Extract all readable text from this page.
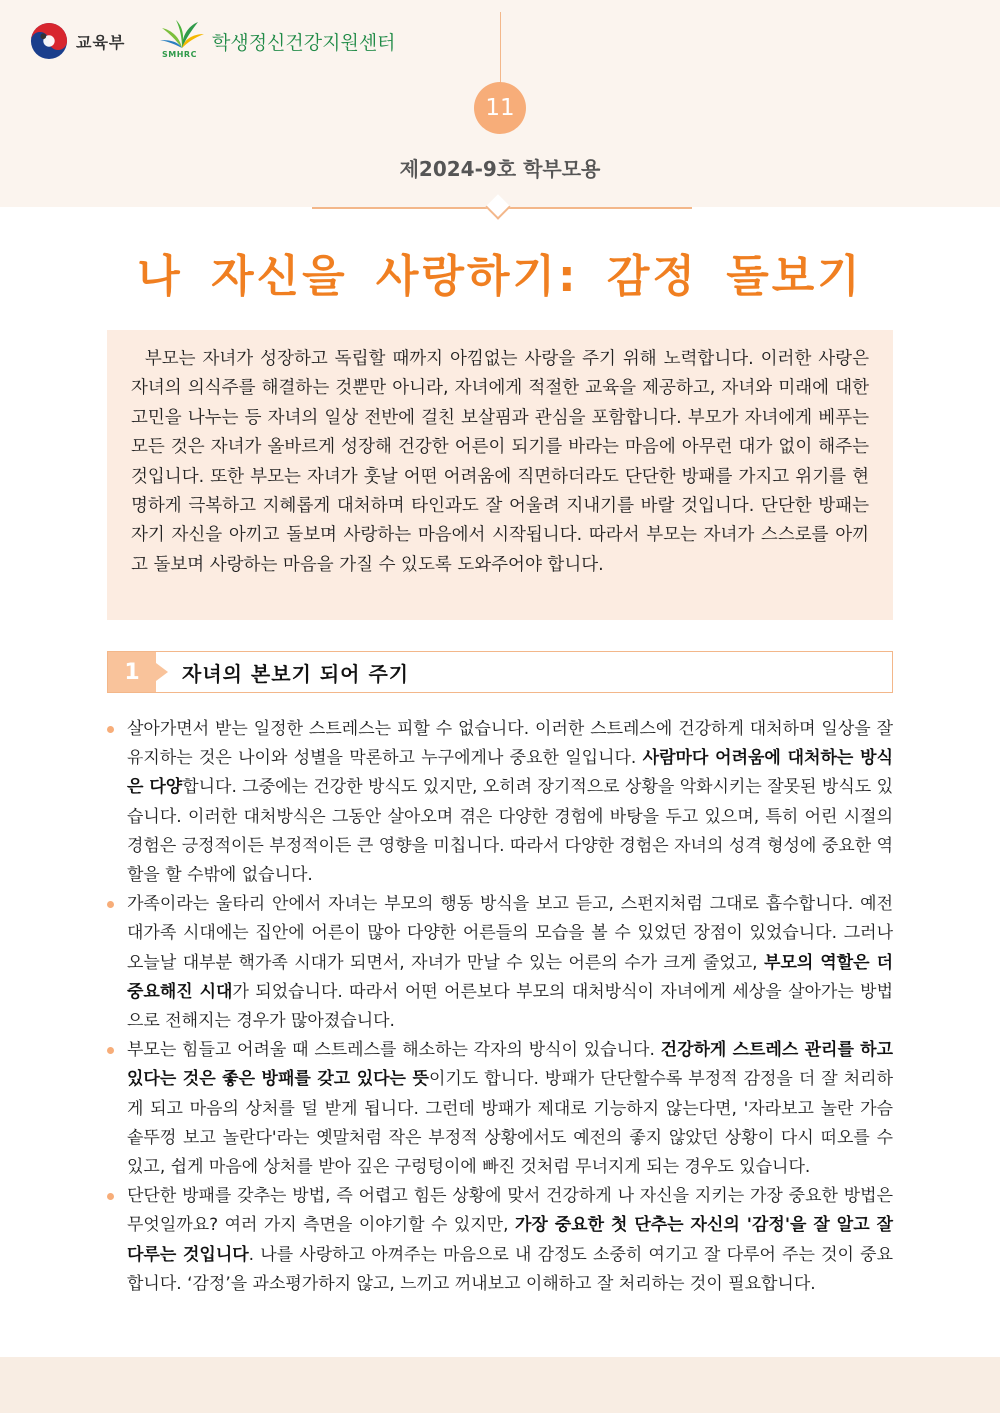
교육부
SMHRC
학생정신건강지원센터
11
제2024-9호 학부모용
나 자신을 사랑하기: 감정 돌보기

부모는 자녀가 성장하고 독립할 때까지 아낌없는 사랑을 주기 위해 노력합니다. 이러한 사랑은 자녀의 의식주를 해결하는 것뿐만 아니라, 자녀에게 적절한 교육을 제공하고, 자녀와 미래에 대한 고민을 나누는 등 자녀의 일상 전반에 걸친 보살핌과 관심을 포함합니다. 부모가 자녀에게 베푸는 모든 것은 자녀가 올바르게 성장해 건강한 어른이 되기를 바라는 마음에 아무런 대가 없이 해주는 것입니다. 또한 부모는 자녀가 훗날 어떤 어려움에 직면하더라도 단단한 방패를 가지고 위기를 현명하게 극복하고 지혜롭게 대처하며 타인과도 잘 어울려 지내기를 바랄 것입니다. 단단한 방패는 자기 자신을 아끼고 돌보며 사랑하는 마음에서 시작됩니다. 따라서 부모는 자녀가 스스로를 아끼고 돌보며 사랑하는 마음을 가질 수 있도록 도와주어야 합니다.

1	자녀의 본보기 되어 주기
살아가면서 받는 일정한 스트레스는 피할 수 없습니다. 이러한 스트레스에 건강하게 대처하며 일상을 잘 유지하는 것은 나이와 성별을 막론하고 누구에게나 중요한 일입니다. 사람마다 어려움에 대처하는 방식은 다양합니다. 그중에는 건강한 방식도 있지만, 오히려 장기적으로 상황을 악화시키는 잘못된 방식도 있습니다. 이러한 대처방식은 그동안 살아오며 겪은 다양한 경험에 바탕을 두고 있으며, 특히 어린 시절의 경험은 긍정적이든 부정적이든 큰 영향을 미칩니다. 따라서 다양한 경험은 자녀의 성격 형성에 중요한 역할을 할 수밖에 없습니다.
가족이라는 울타리 안에서 자녀는 부모의 행동 방식을 보고 듣고, 스펀지처럼 그대로 흡수합니다. 예전 대가족 시대에는 집안에 어른이 많아 다양한 어른들의 모습을 볼 수 있었던 장점이 있었습니다. 그러나 오늘날 대부분 핵가족 시대가 되면서, 자녀가 만날 수 있는 어른의 수가 크게 줄었고, 부모의 역할은 더 중요해진 시대가 되었습니다. 따라서 어떤 어른보다 부모의 대처방식이 자녀에게 세상을 살아가는 방법으로 전해지는 경우가 많아졌습니다.
부모는 힘들고 어려울 때 스트레스를 해소하는 각자의 방식이 있습니다. 건강하게 스트레스 관리를 하고 있다는 것은 좋은 방패를 갖고 있다는 뜻이기도 합니다. 방패가 단단할수록 부정적 감정을 더 잘 처리하게 되고 마음의 상처를 덜 받게 됩니다. 그런데 방패가 제대로 기능하지 않는다면, '자라보고 놀란 가슴 솥뚜껑 보고 놀란다'라는 옛말처럼 작은 부정적 상황에서도 예전의 좋지 않았던 상황이 다시 떠오를 수 있고, 쉽게 마음에 상처를 받아 깊은 구렁텅이에 빠진 것처럼 무너지게 되는 경우도 있습니다.
단단한 방패를 갖추는 방법, 즉 어렵고 힘든 상황에 맞서 건강하게 나 자신을 지키는 가장 중요한 방법은 무엇일까요? 여러 가지 측면을 이야기할 수 있지만, 가장 중요한 첫 단추는 자신의 '감정'을 잘 알고 잘 다루는 것입니다. 나를 사랑하고 아껴주는 마음으로 내 감정도 소중히 여기고 잘 다루어 주는 것이 중요합니다. ‘감정’을 과소평가하지 않고, 느끼고 꺼내보고 이해하고 잘 처리하는 것이 필요합니다.
